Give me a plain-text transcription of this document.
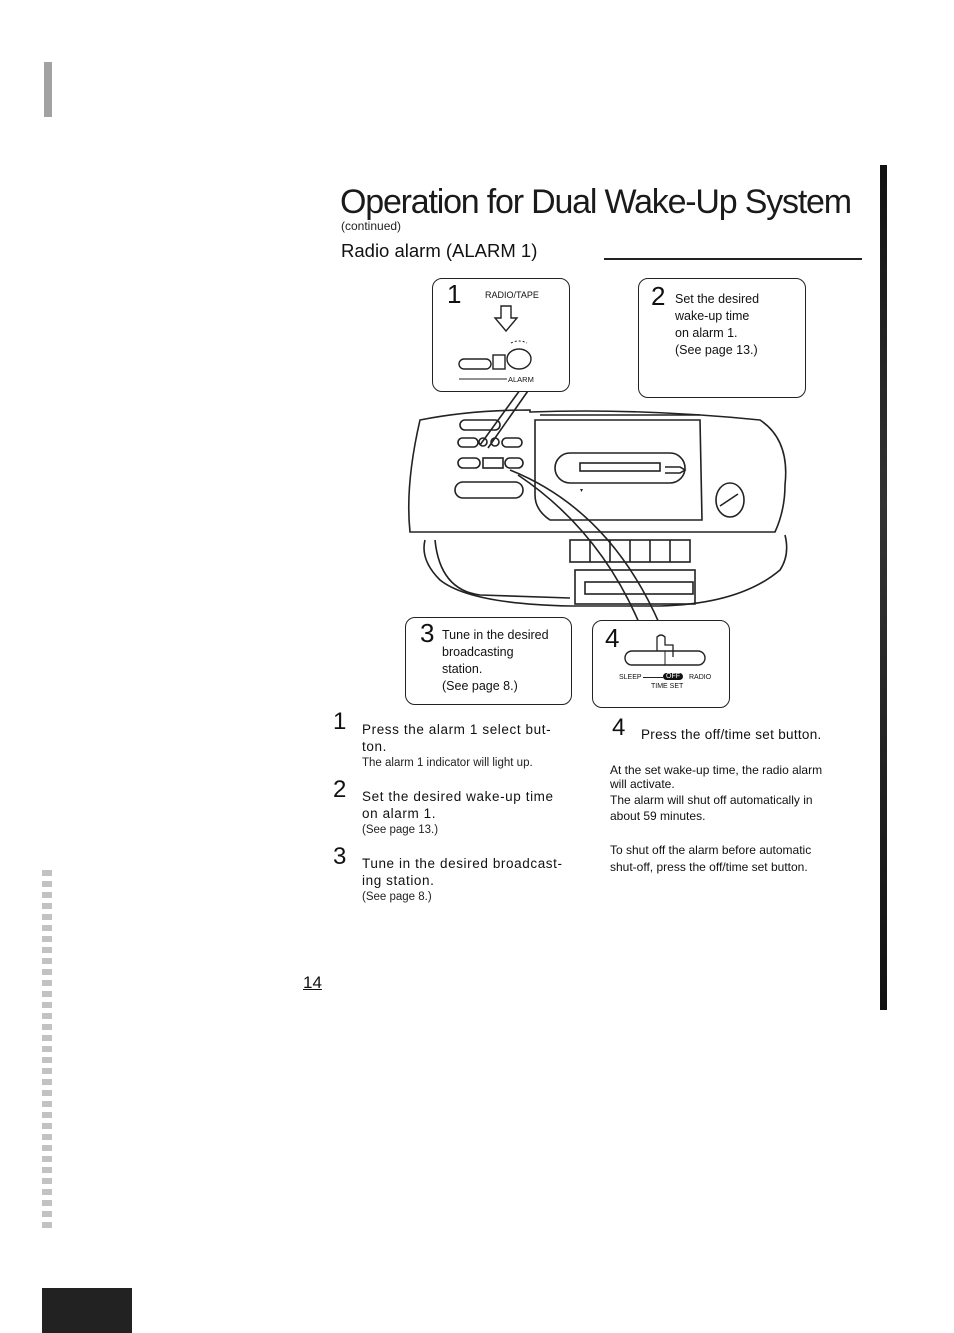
Operation for Dual Wake-Up System
(continued)
Radio alarm (ALARM 1)
▾
1	RADIO/TAPE
ALARM
2 Set the desired
wake-up time
on alarm 1.
(See page 13.)
3 Tune in the desired
broadcasting
station.
(See page 8.)
4
SLEEP	OFF	RADIO
TIME SET
1 Press the alarm 1 select but-
ton.
The alarm 1 indicator will light up.
2 Set the desired wake-up time
on alarm 1.
(See page 13.)
3 Tune in the desired broadcast-
ing station.
(See page 8.)
4 Press the off/time set button.
At the set wake-up time, the radio alarm
will activate.
The alarm will shut off automatically in
about 59 minutes.
To shut off the alarm before automatic
shut-off, press the off/time set button.
14
